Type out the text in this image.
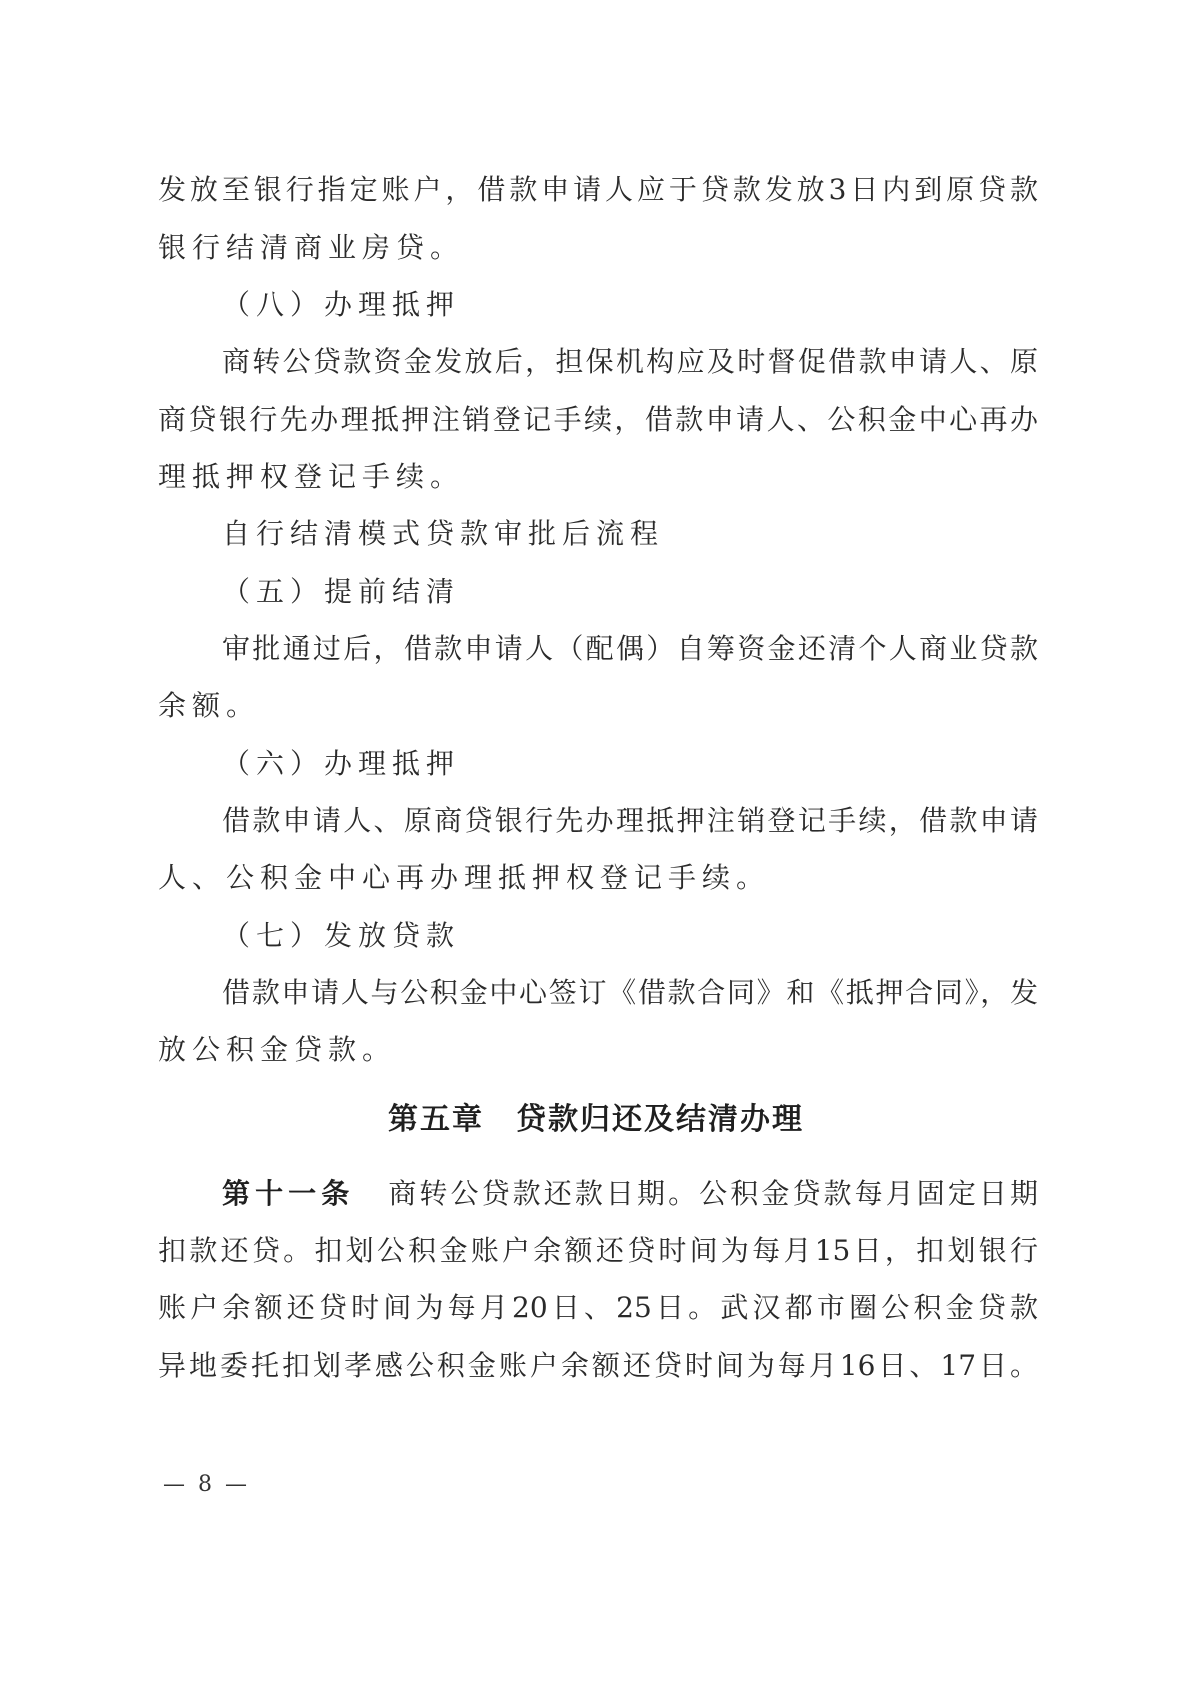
发放至银行指定账户，借款申请人应于贷款发放3日内到原贷款
银行结清商业房贷。
（八）办理抵押
商转公贷款资金发放后，担保机构应及时督促借款申请人、原
商贷银行先办理抵押注销登记手续，借款申请人、公积金中心再办
理抵押权登记手续。
自行结清模式贷款审批后流程
（五）提前结清
审批通过后，借款申请人（配偶）自筹资金还清个人商业贷款
余额。
（六）办理抵押
借款申请人、原商贷银行先办理抵押注销登记手续，借款申请
人、公积金中心再办理抵押权登记手续。
（七）发放贷款
借款申请人与公积金中心签订《借款合同》和《抵押合同》，发
放公积金贷款。
第五章　贷款归还及结清办理
第十一条 商转公贷款还款日期。公积金贷款每月固定日期
扣款还贷。扣划公积金账户余额还贷时间为每月15日，扣划银行
账户余额还贷时间为每月20日、25日。武汉都市圈公积金贷款
异地委托扣划孝感公积金账户余额还贷时间为每月16日、17日。
— 8 —
